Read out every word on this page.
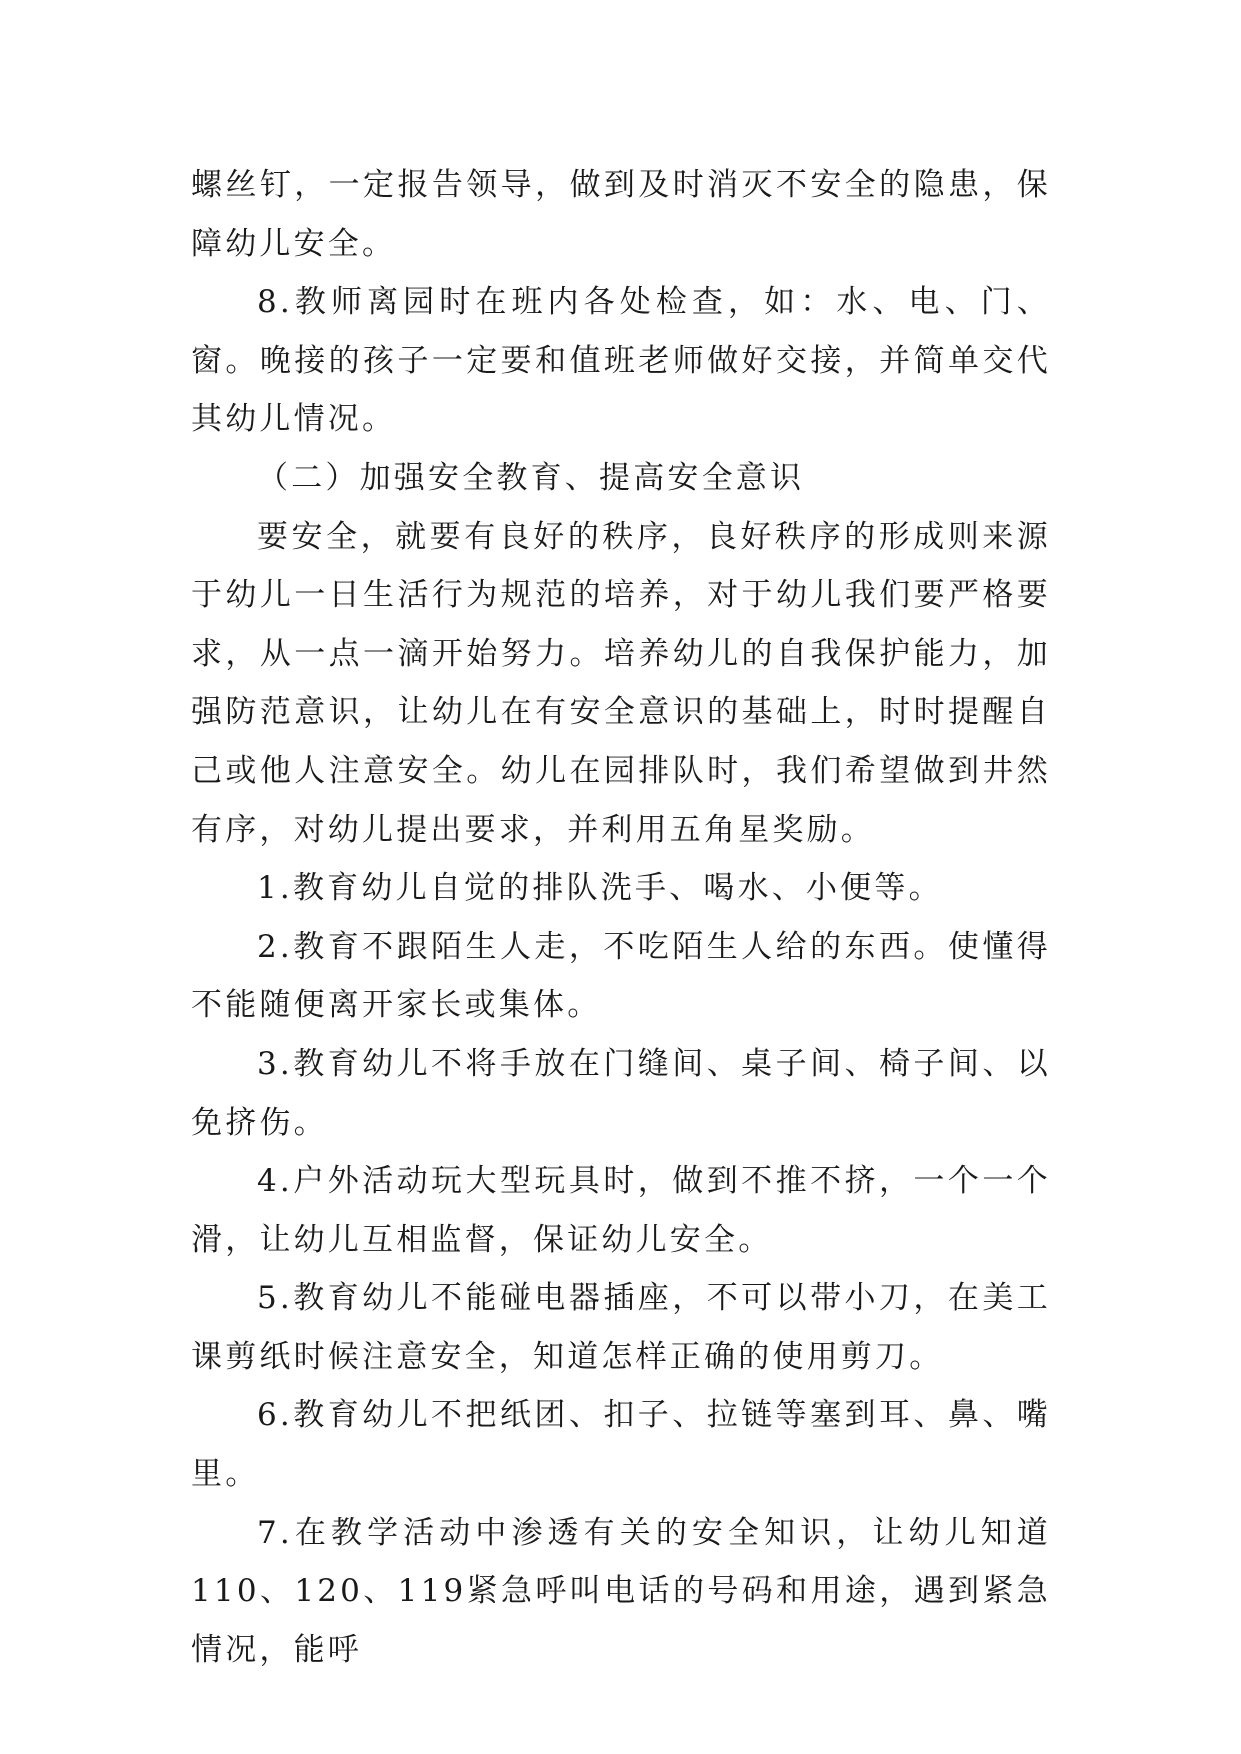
螺丝钉，一定报告领导，做到及时消灭不安全的隐患，保障幼儿安全。

8.教师离园时在班内各处检查，如：水、电、门、窗。晚接的孩子一定要和值班老师做好交接，并简单交代其幼儿情况。

（二）加强安全教育、提高安全意识

要安全，就要有良好的秩序，良好秩序的形成则来源于幼儿一日生活行为规范的培养，对于幼儿我们要严格要求，从一点一滴开始努力。培养幼儿的自我保护能力，加强防范意识，让幼儿在有安全意识的基础上，时时提醒自己或他人注意安全。幼儿在园排队时，我们希望做到井然有序，对幼儿提出要求，并利用五角星奖励。

1.教育幼儿自觉的排队洗手、喝水、小便等。

2.教育不跟陌生人走，不吃陌生人给的东西。使懂得不能随便离开家长或集体。

3.教育幼儿不将手放在门缝间、桌子间、椅子间、以免挤伤。

4.户外活动玩大型玩具时，做到不推不挤，一个一个滑，让幼儿互相监督，保证幼儿安全。

5.教育幼儿不能碰电器插座，不可以带小刀，在美工课剪纸时候注意安全，知道怎样正确的使用剪刀。

6.教育幼儿不把纸团、扣子、拉链等塞到耳、鼻、嘴里。

7.在教学活动中渗透有关的安全知识，让幼儿知道110、120、119紧急呼叫电话的号码和用途，遇到紧急情况，能呼
